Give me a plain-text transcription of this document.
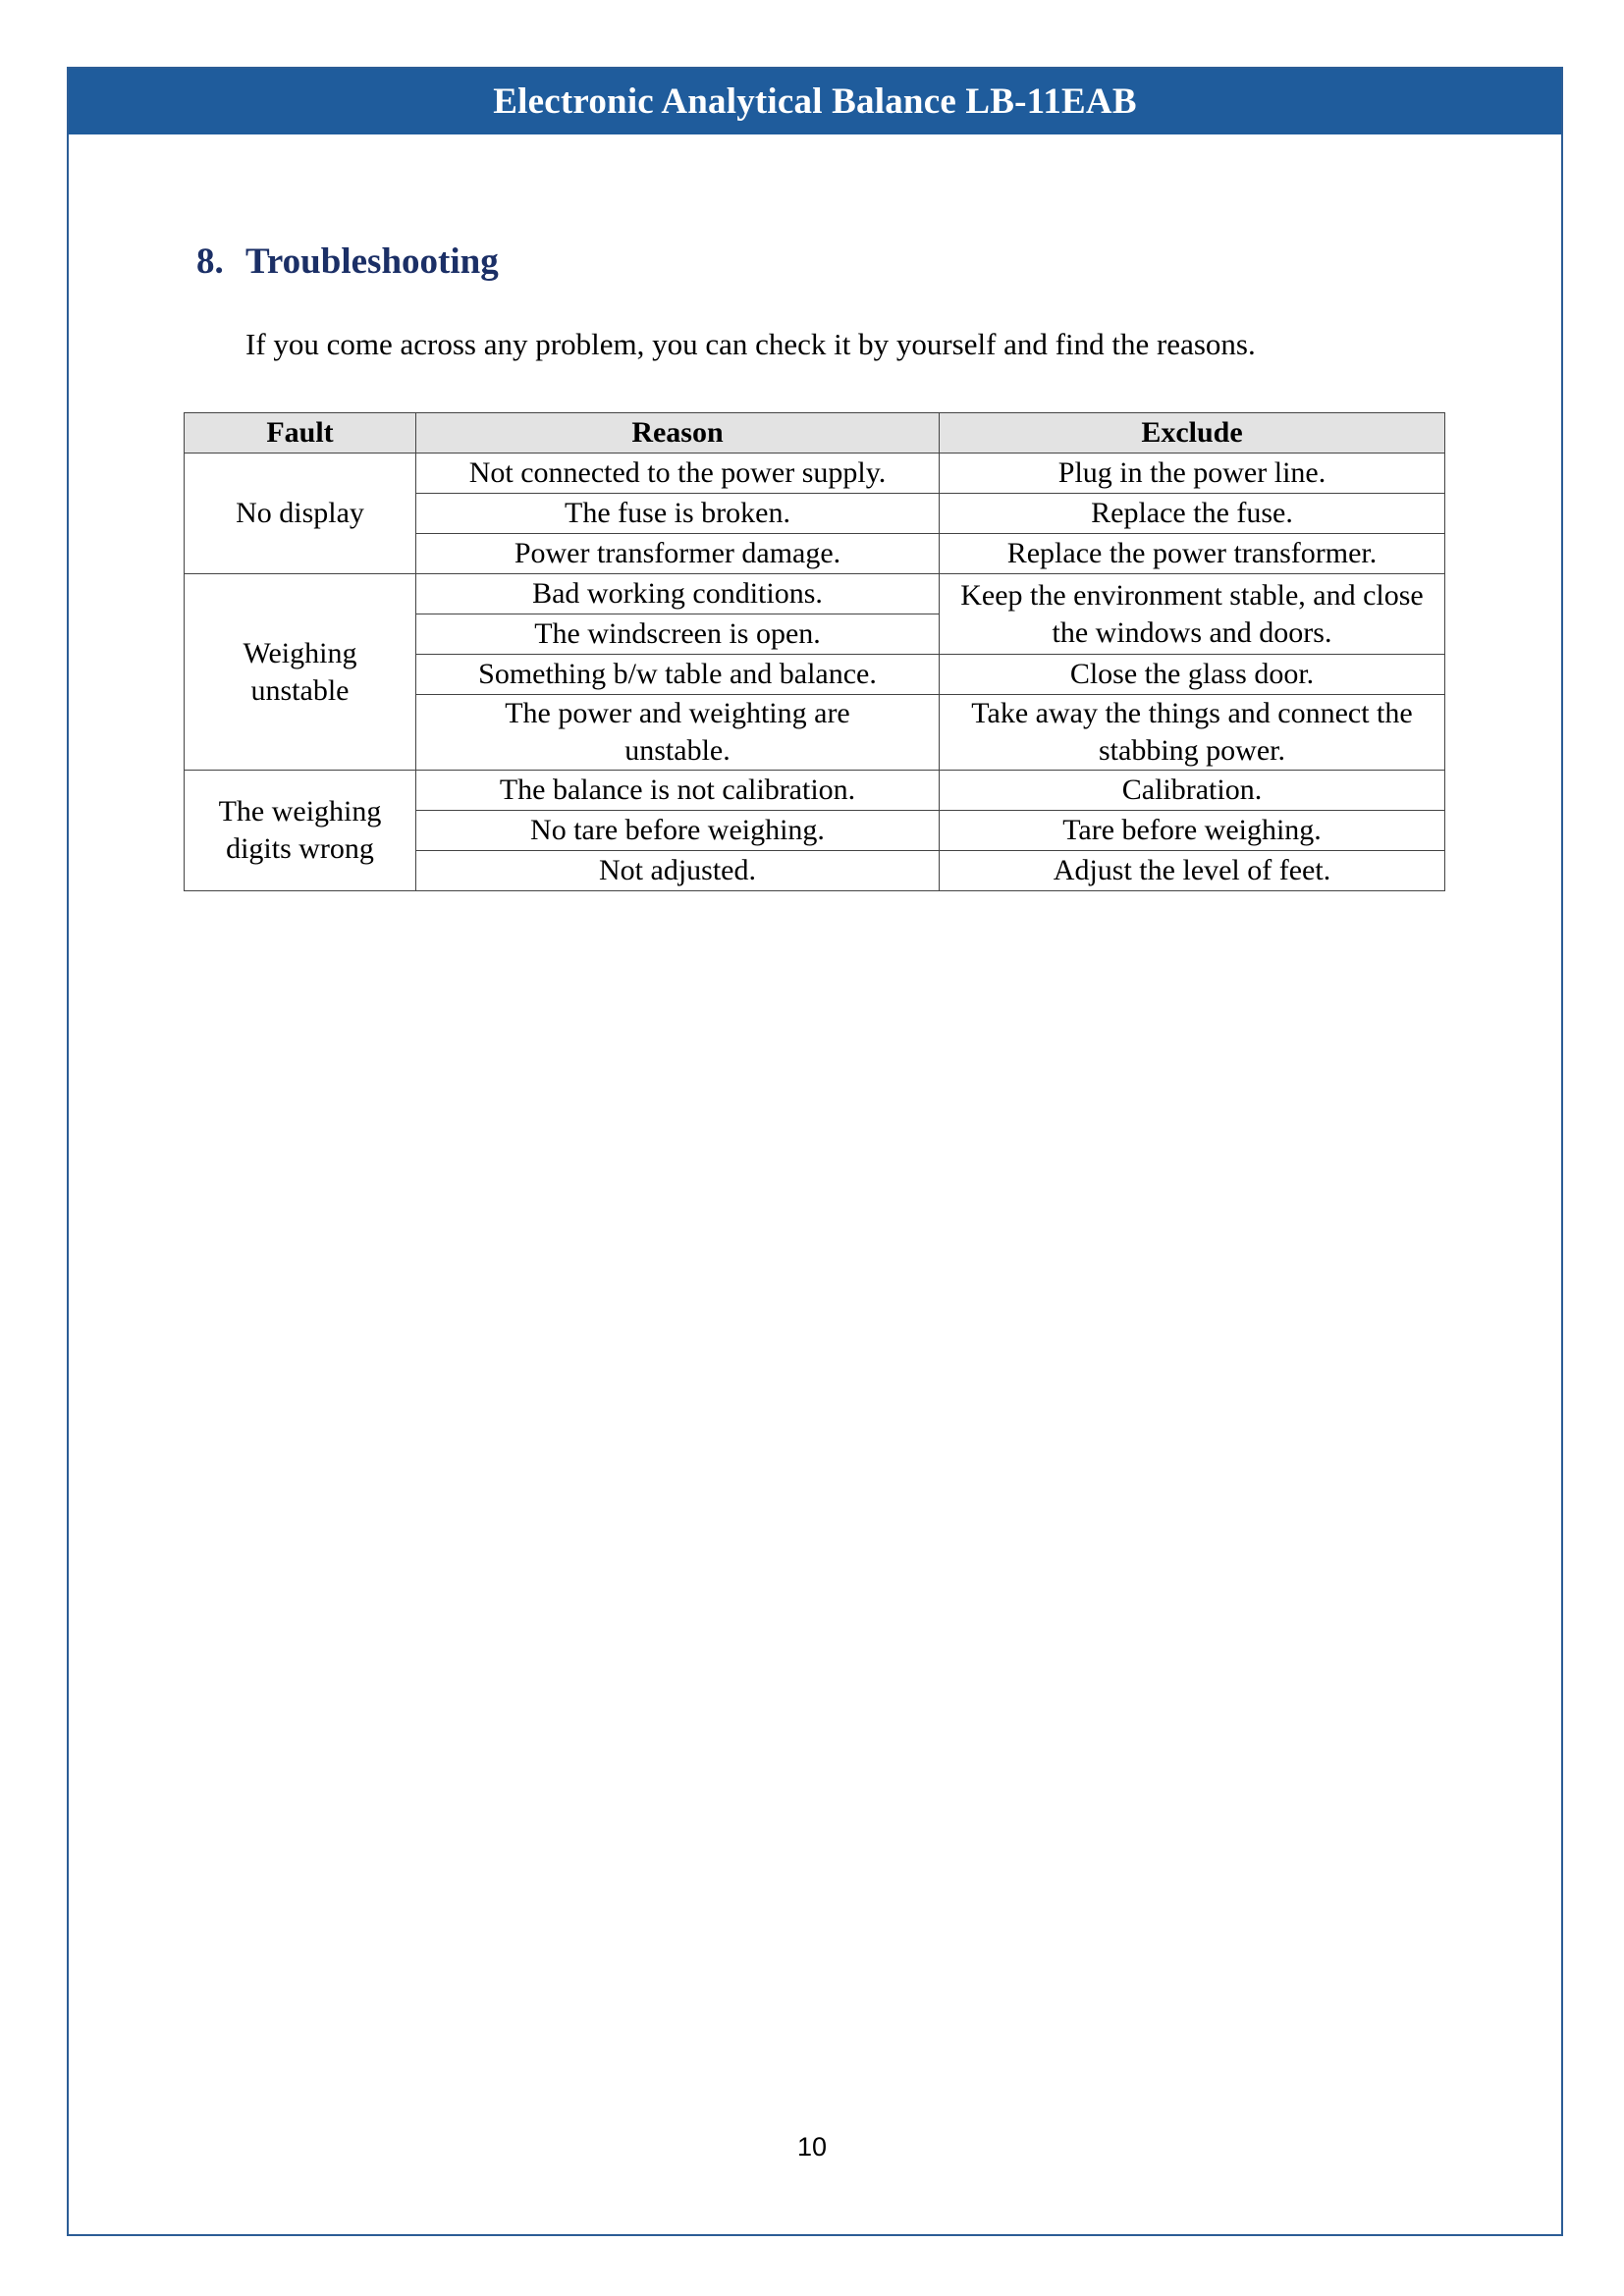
Electronic Analytical Balance LB-11EAB
8. Troubleshooting
If you come across any problem, you can check it by yourself and find the reasons.
Fault	Reason	Exclude
No display	Not connected to the power supply.	Plug in the power line.
	The fuse is broken.	Replace the fuse.
	Power transformer damage.	Replace the power transformer.
Weighing unstable	Bad working conditions.	Keep the environment stable, and close the windows and doors.
	The windscreen is open.	
	Something b/w table and balance.	Close the glass door.
	The power and weighting are unstable.	Take away the things and connect the stabbing power.
The weighing digits wrong	The balance is not calibration.	Calibration.
	No tare before weighing.	Tare before weighing.
	Not adjusted.	Adjust the level of feet.
10
